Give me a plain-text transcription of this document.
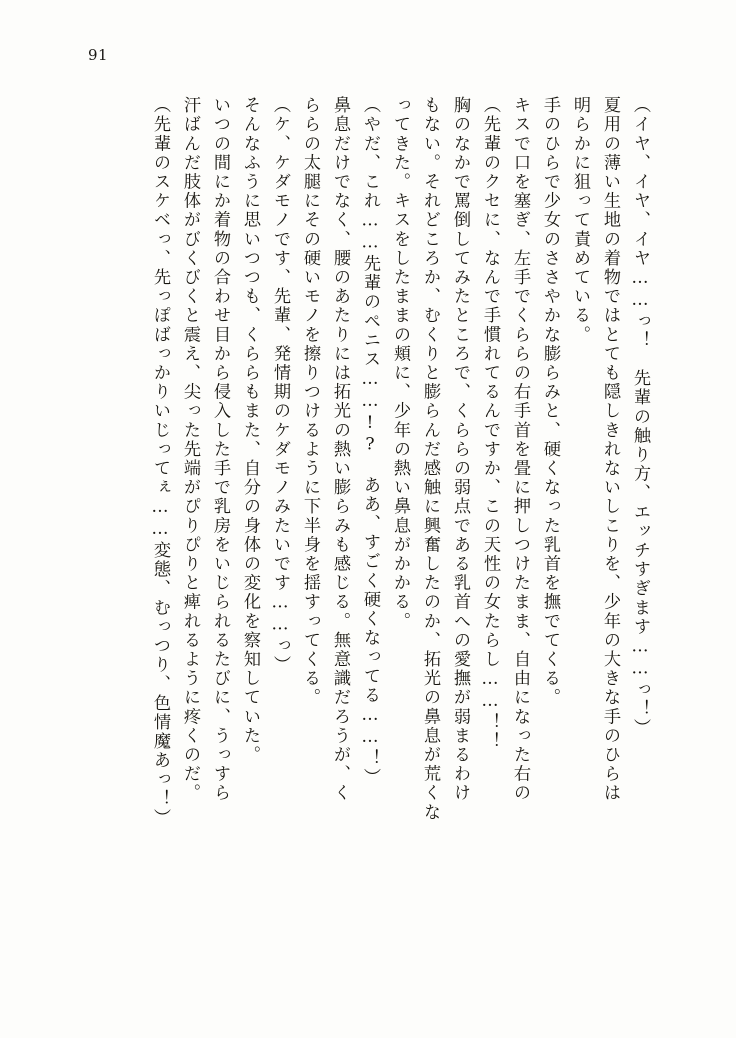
91
（イヤ、イヤ、イヤ……っ！　先輩の触り方、エッチすぎます……っ！）
夏用の薄い生地の着物ではとても隠しきれないしこりを、少年の大きな手のひらは
明らかに狙って責めている。
手のひらで少女のささやかな膨らみと、硬くなった乳首を撫でてくる。
キスで口を塞ぎ、左手でくららの右手首を畳に押しつけたまま、自由になった右の
（先輩のクセに、なんで手慣れてるんですか、この天性の女たらし……！！
胸のなかで罵倒してみたところで、くららの弱点である乳首への愛撫が弱まるわけ
もない。それどころか、むくりと膨らんだ感触に興奮したのか、拓光の鼻息が荒くな
ってきた。キスをしたままの頬に、少年の熱い鼻息がかかる。
（やだ、これ……先輩のペニス……!?　ああ、すごく硬くなってる……！）
鼻息だけでなく、腰のあたりには拓光の熱い膨らみも感じる。無意識だろうが、く
ららの太腿にその硬いモノを擦りつけるように下半身を揺すってくる。
（ケ、ケダモノです、先輩、発情期のケダモノみたいです……っ）
そんなふうに思いつつも、くららもまた、自分の身体の変化を察知していた。
いつの間にか着物の合わせ目から侵入した手で乳房をいじられるたびに、うっすら
汗ばんだ肢体がびくびくと震え、尖った先端がぴりぴりと痺れるように疼くのだ。
（先輩のスケベっ、先っぽばっかりいじってぇ……変態、むっつり、色情魔あっ！）
